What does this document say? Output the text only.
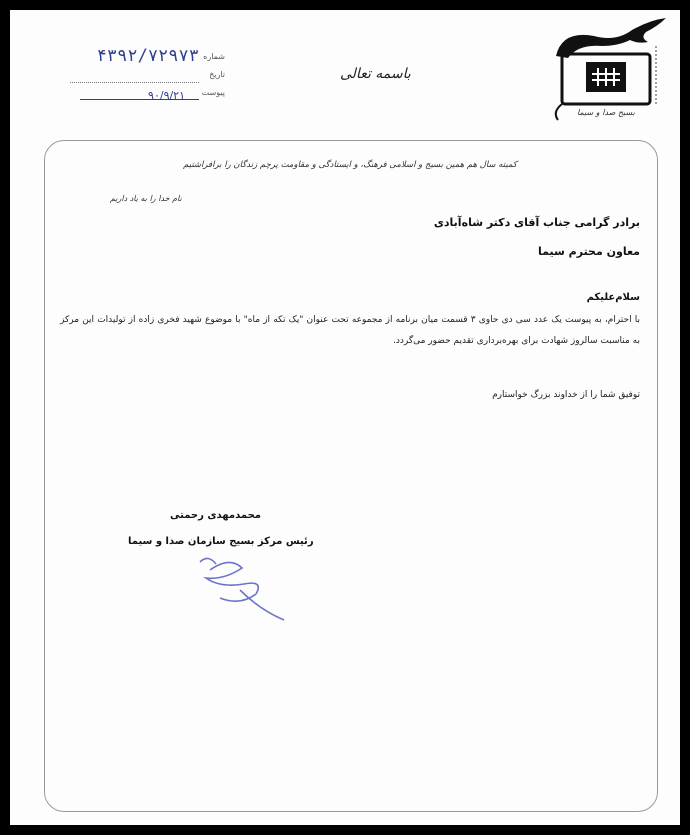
بسیج صدا و سیما
باسمه تعالی
شماره
۴۳۹۲/۷۲۹۷۳
تاریخ
پیوست
۹۰/۹/۲۱
کمیته سال هم همین بسیج و اسلامی فرهنگ، و ایستادگی و مقاومت پرچم زندگان را برافراشتیم
نام خدا را به یاد داریم
برادر گرامی جناب آقای دکتر شاه‌آبادی
معاون محترم سیما
سلام‌علیکم
با احترام، به پیوست یک عدد سی دی حاوی ۳ قسمت میان برنامه از مجموعه تحت عنوان "یک تکه از ماه" با موضوع شهید فخری زاده از تولیدات این مرکز به مناسبت سالروز شهادت برای بهره‌برداری تقدیم حضور می‌گردد.
توفیق شما را از خداوند بزرگ خواستارم
محمدمهدی رحمتی
رئیس مرکز بسیج سازمان صدا و سیما
